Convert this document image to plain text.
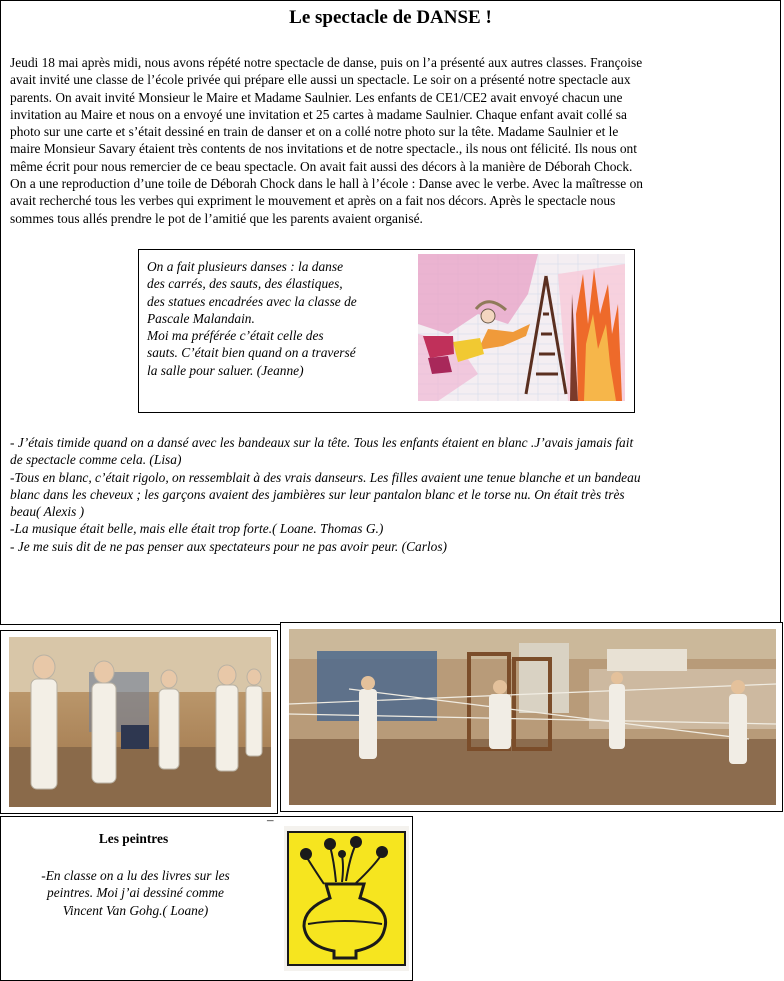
Le spectacle de DANSE !
Jeudi 18 mai après midi, nous avons répété notre spectacle de danse, puis on l’a présenté aux autres classes. Françoise
avait invité une classe de l’école privée qui prépare elle aussi un spectacle. Le soir on a présenté notre spectacle aux
parents. On avait invité Monsieur le Maire et Madame Saulnier. Les enfants de CE1/CE2 avait envoyé chacun une
invitation au Maire et nous on a envoyé une invitation et 25 cartes à madame Saulnier. Chaque enfant avait collé sa
photo sur une carte et s’était dessiné en train de danser et on a collé notre photo sur la tête. Madame Saulnier et le
maire Monsieur Savary étaient très contents de nos invitations et de notre spectacle., ils nous ont félicité. Ils nous ont
même écrit pour nous remercier de ce beau spectacle. On avait fait aussi des décors à la manière de Déborah Chock.
On a une reproduction d’une toile de Déborah Chock dans le hall à l’école : Danse avec le verbe. Avec la maîtresse on
avait recherché tous les verbes qui expriment le mouvement et après on a fait nos décors. Après le spectacle nous
sommes tous allés prendre le pot de l’amitié que les parents avaient organisé.
On a fait plusieurs danses : la danse
des carrés, des sauts, des élastiques,
des statues encadrées avec la classe de
Pascale Malandain.
Moi ma préférée c’était celle des
sauts. C’était bien quand on a traversé
la salle pour saluer. (Jeanne)

- J’étais timide quand on a dansé avec les bandeaux sur la tête. Tous les enfants étaient en blanc .J’avais jamais fait

de spectacle comme cela. (Lisa)

-Tous en blanc, c’était rigolo, on ressemblait à des vrais danseurs. Les filles avaient une tenue blanche et un bandeau

blanc dans les cheveux ; les garçons avaient des jambières sur leur pantalon blanc et le torse nu. On était très très

beau( Alexis )

-La musique était belle, mais elle était trop forte.( Loane. Thomas G.)

- Je me suis dit de ne pas penser aux spectateurs pour ne pas avoir peur. (Carlos)

–
Les peintres
-En classe on a lu des livres sur les
peintres. Moi j’ai dessiné comme
Vincent Van Gohg.( Loane)
